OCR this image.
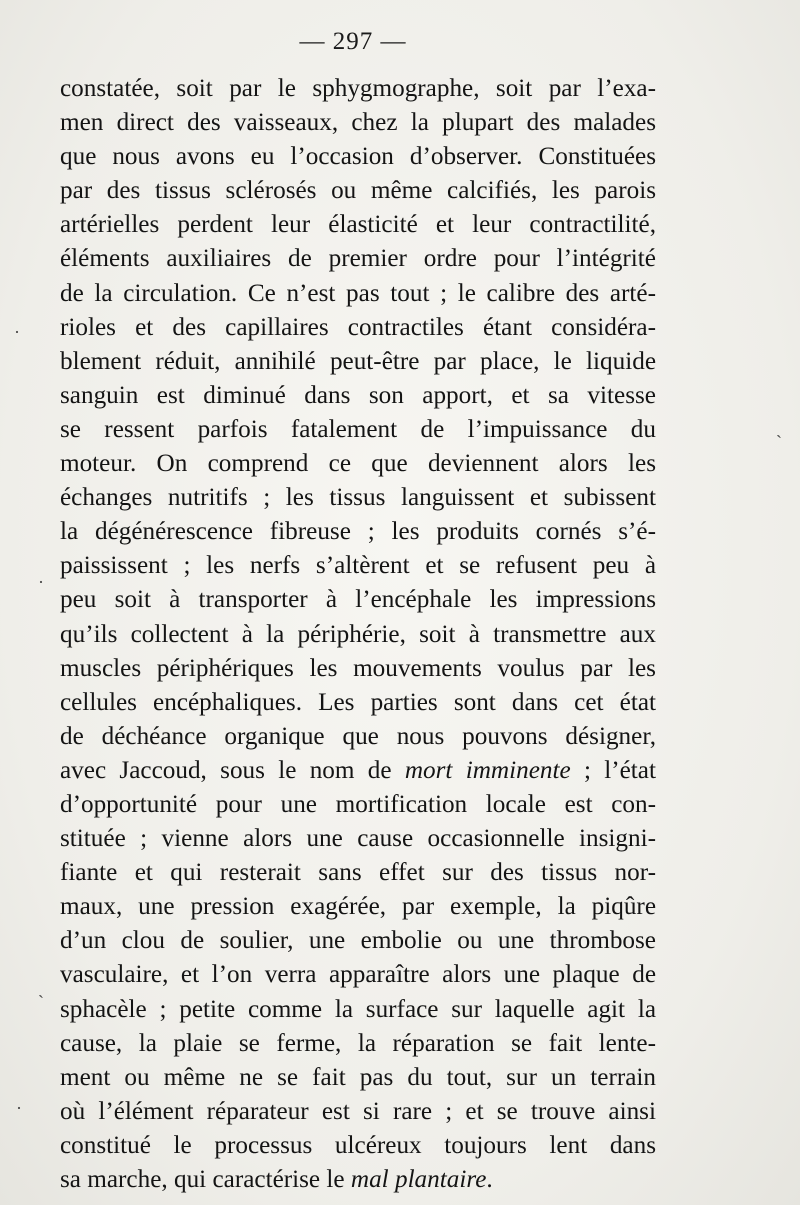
— 297 —
constatée, soit par le sphygmographe, soit par l’exa-
men direct des vaisseaux, chez la plupart des malades
que nous avons eu l’occasion d’observer. Constituées
par des tissus sclérosés ou même calcifiés, les parois
artérielles perdent leur élasticité et leur contractilité,
éléments auxiliaires de premier ordre pour l’intégrité
de la circulation. Ce n’est pas tout ; le calibre des arté-
rioles et des capillaires contractiles étant considéra-
blement réduit, annihilé peut-être par place, le liquide
sanguin est diminué dans son apport, et sa vitesse
se ressent parfois fatalement de l’impuissance du
moteur. On comprend ce que deviennent alors les
échanges nutritifs ; les tissus languissent et subissent
la dégénérescence fibreuse ; les produits cornés s’é-
paississent ; les nerfs s’altèrent et se refusent peu à
peu soit à transporter à l’encéphale les impressions
qu’ils collectent à la périphérie, soit à transmettre aux
muscles périphériques les mouvements voulus par les
cellules encéphaliques. Les parties sont dans cet état
de déchéance organique que nous pouvons désigner,
avec Jaccoud, sous le nom de mort imminente ; l’état
d’opportunité pour une mortification locale est con-
stituée ; vienne alors une cause occasionnelle insigni-
fiante et qui resterait sans effet sur des tissus nor-
maux, une pression exagérée, par exemple, la piqûre
d’un clou de soulier, une embolie ou une thrombose
vasculaire, et l’on verra apparaître alors une plaque de
sphacèle ; petite comme la surface sur laquelle agit la
cause, la plaie se ferme, la réparation se fait lente-
ment ou même ne se fait pas du tout, sur un terrain
où l’élément réparateur est si rare ; et se trouve ainsi
constitué le processus ulcéreux toujours lent dans
sa marche, qui caractérise le mal plantaire.
·
·
ˏ
ˏ
·
